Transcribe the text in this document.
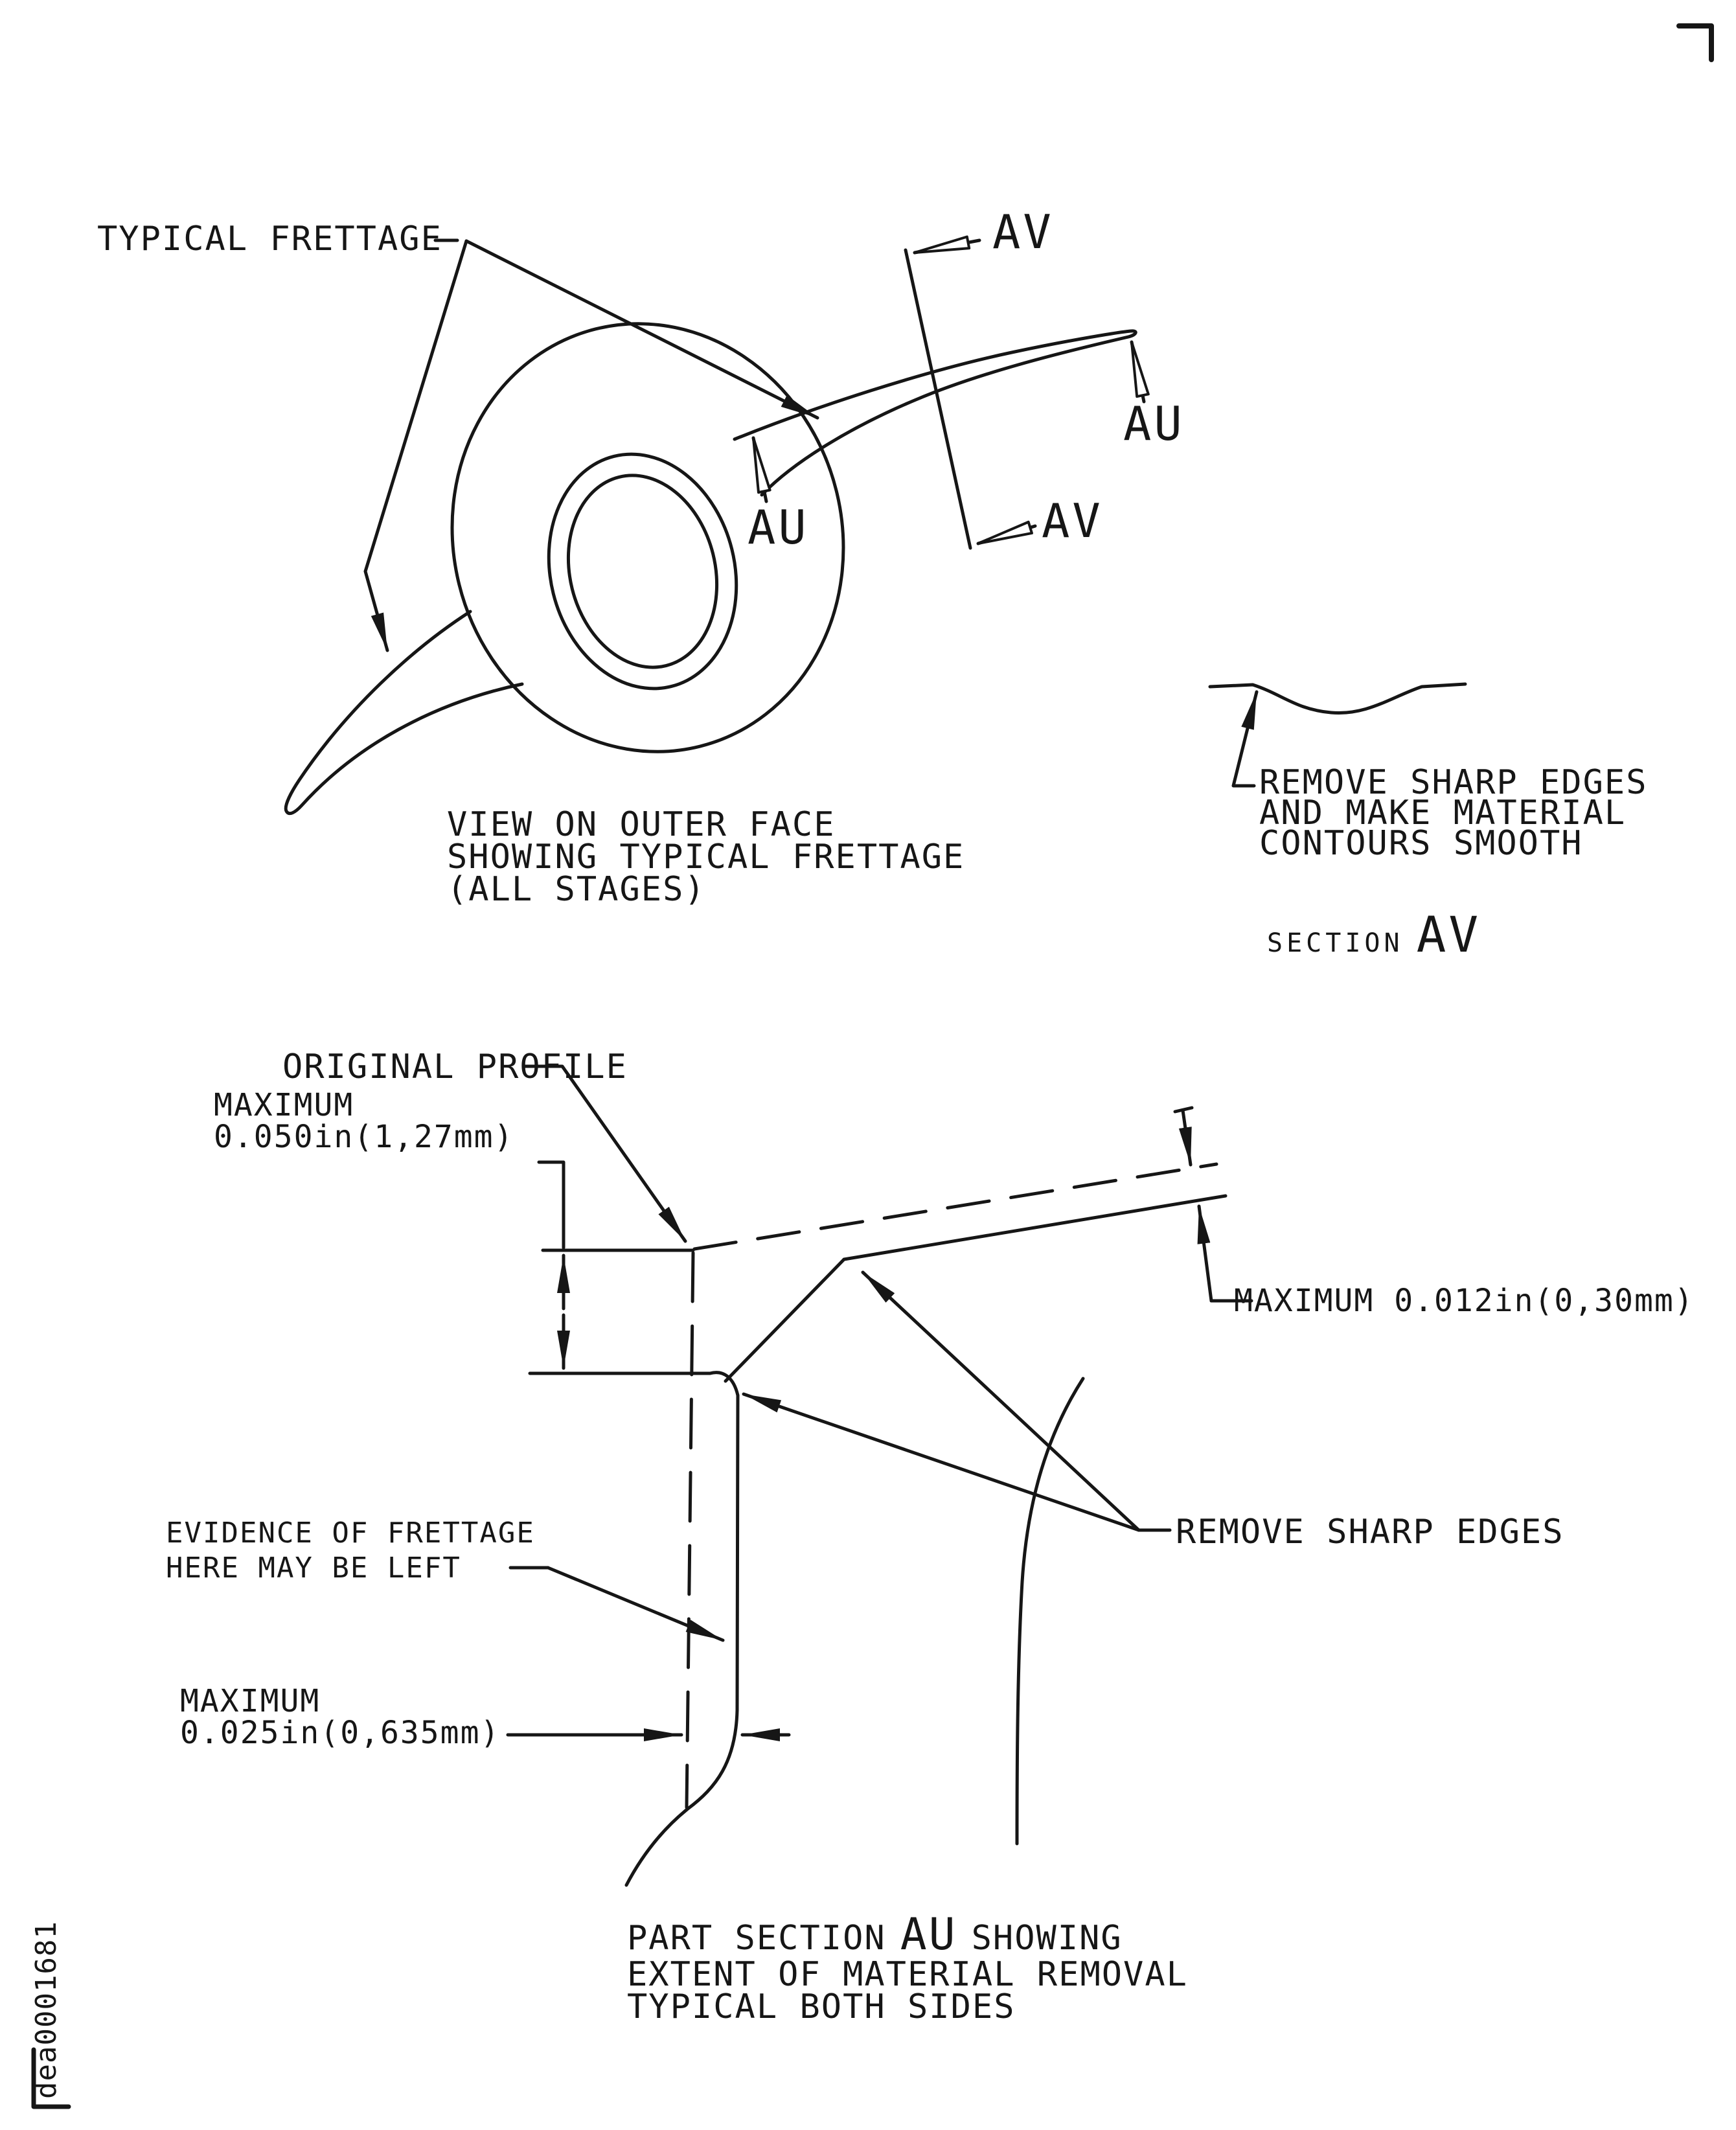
TYPICAL FRETTAGE	AV
AV
AU
AU
VIEW ON OUTER FACE
SHOWING TYPICAL FRETTAGE
(ALL STAGES)
REMOVE SHARP EDGES
AND MAKE MATERIAL
CONTOURS SMOOTH
SECTION AV
ORIGINAL PROFILE
MAXIMUM
0.050in(1,27mm)
MAXIMUM 0.012in(0,30mm)
REMOVE SHARP EDGES
EVIDENCE OF FRETTAGE
HERE MAY BE LEFT
MAXIMUM
0.025in(0,635mm)
PART SECTION AU SHOWING
EXTENT OF MATERIAL REMOVAL
TYPICAL BOTH SIDES
dea0001681
